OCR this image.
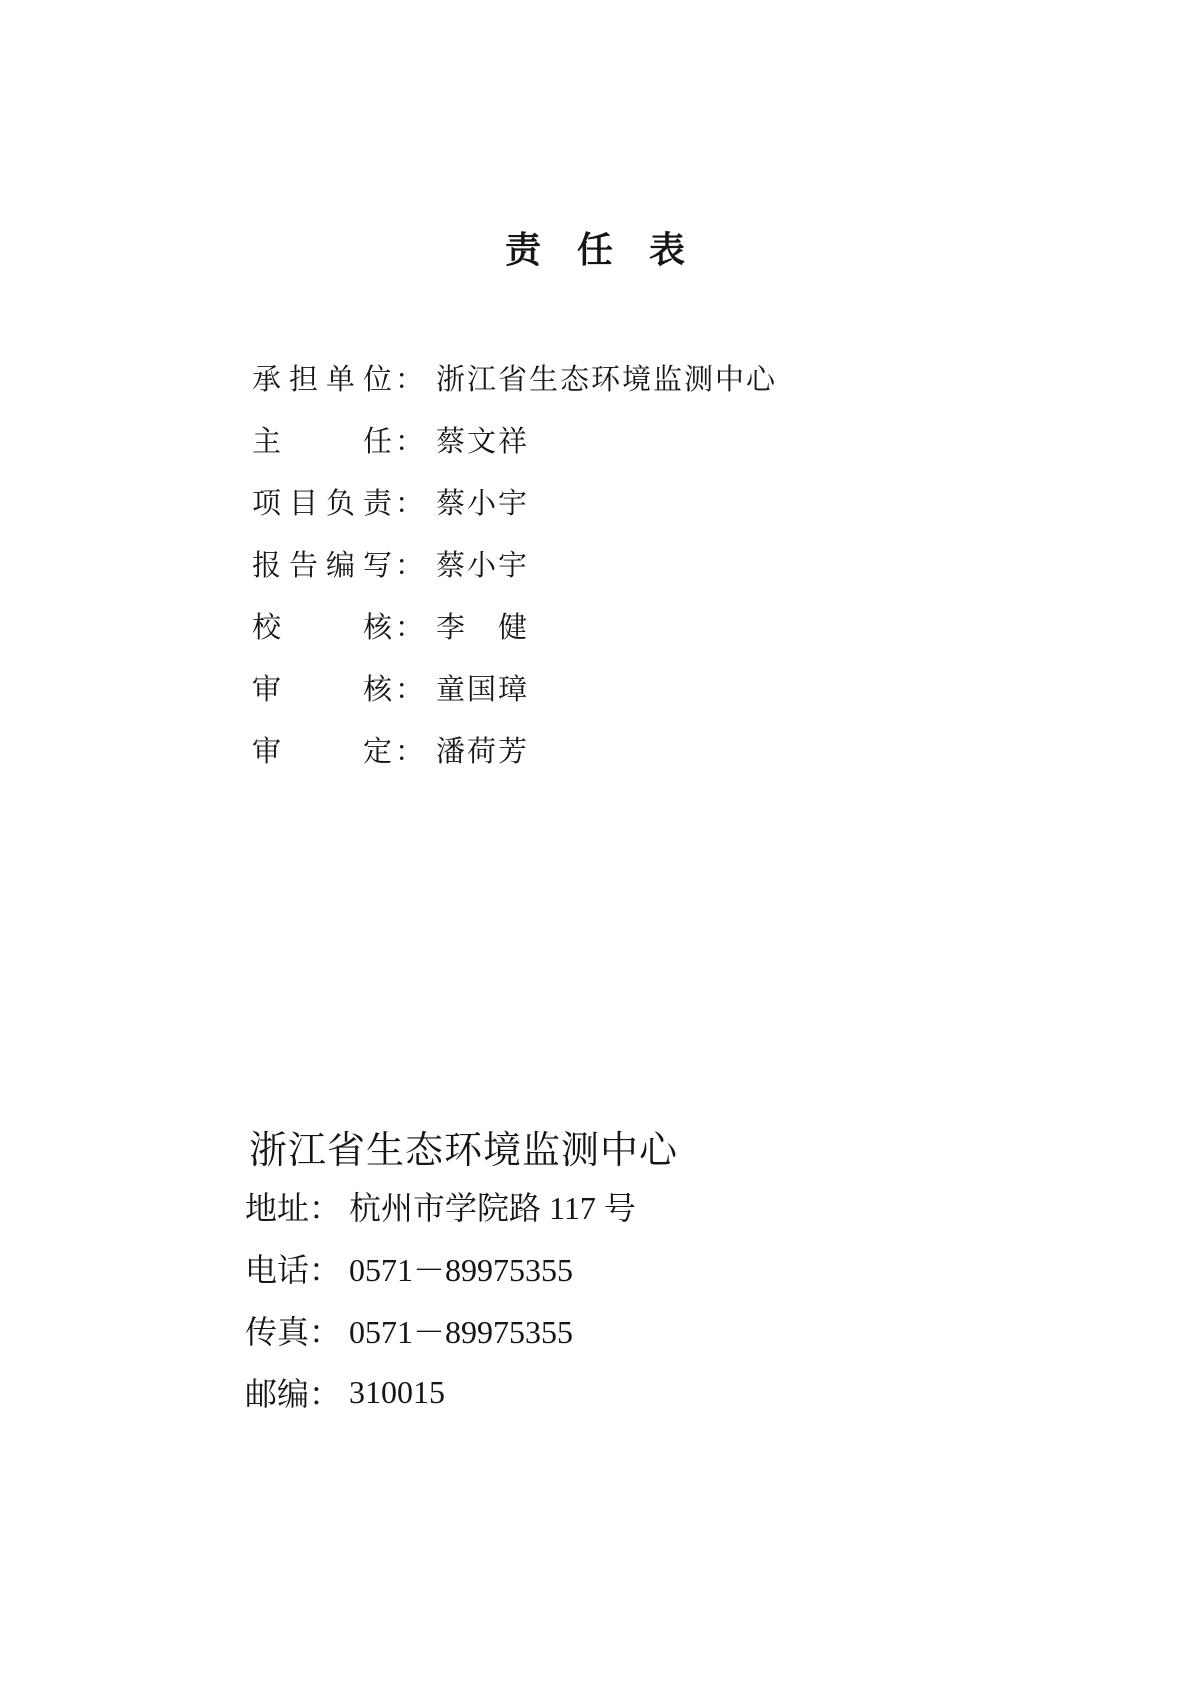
责　任　表
承担单位 ： 浙江省生态环境监测中心
主任 ： 蔡文祥
项目负责 ： 蔡小宇
报告编写 ： 蔡小宇
校核 ： 李　健
审核 ： 童国璋
审定 ： 潘荷芳
浙江省生态环境监测中心
地址： 杭州市学院路 117 号
电话： 0571－89975355
传真： 0571－89975355
邮编： 310015
